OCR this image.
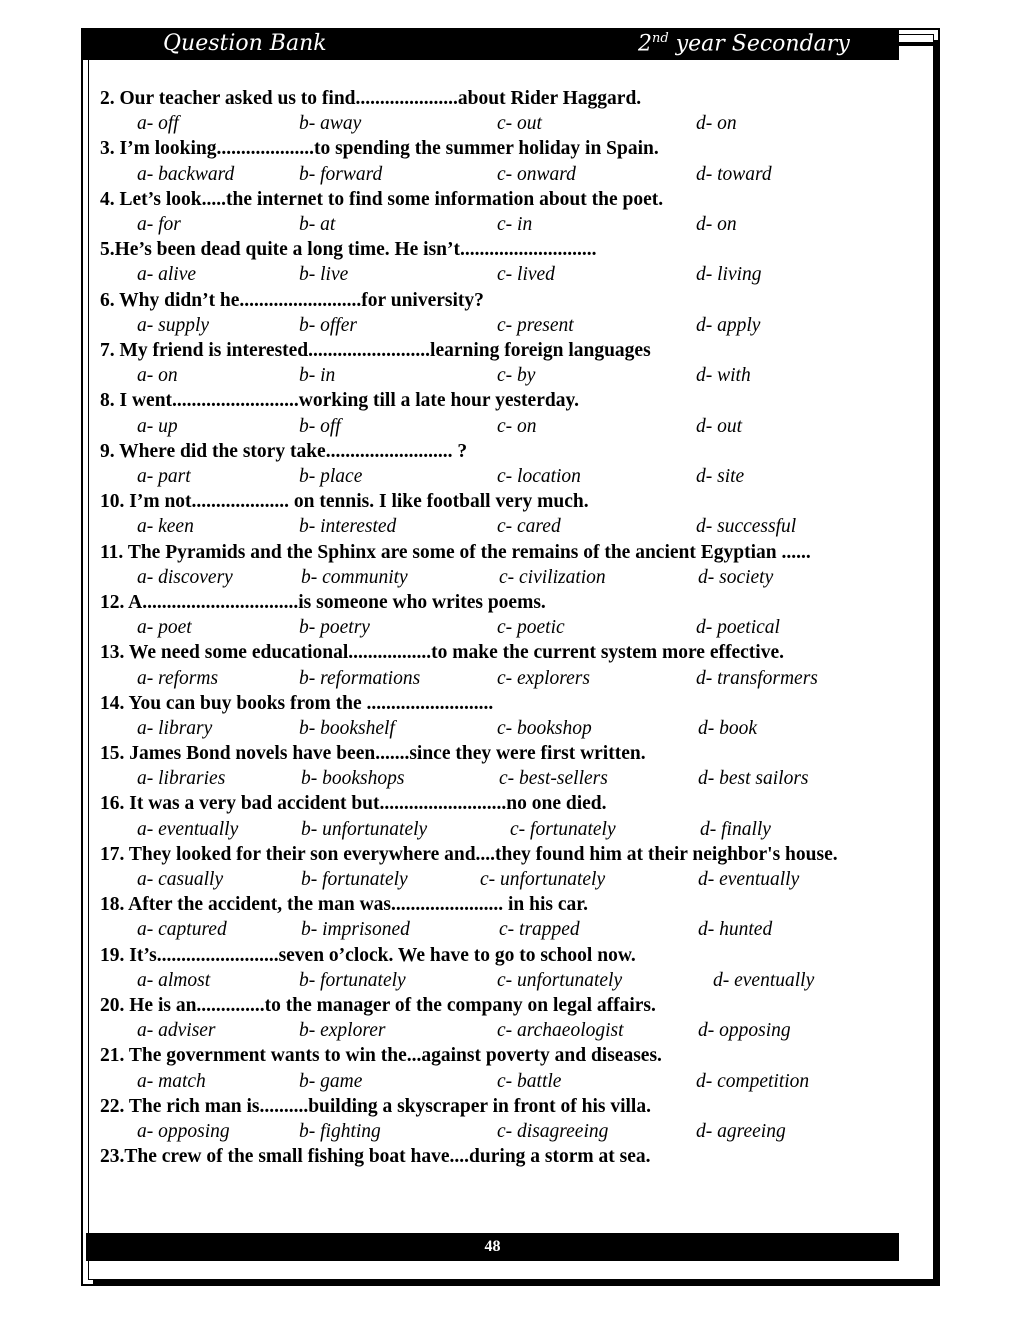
Question Bank	2nd year Secondary
2. Our teacher asked us to find.....................about Rider Haggard.
a- off	b- away	c- out	d- on
3. I’m looking....................to spending the summer holiday in Spain.
a- backward	b- forward	c- onward	d- toward
4. Let’s look.....the internet to find some information about the poet.
a- for	b- at	c- in	d- on
5.He’s been dead quite a long time. He isn’t............................
a- alive	b- live	c- lived	d- living
6. Why didn’t he.........................for university?
a- supply	b- offer	c- present	d- apply
7. My friend is interested.........................learning foreign languages
a- on	b- in	c- by	d- with
8. I went..........................working till a late hour yesterday.
a- up	b- off	c- on	d- out
9. Where did the story take.......................... ?
a- part	b- place	c- location	d- site
10. I’m not.................... on tennis. I like football very much.
a- keen	b- interested	c- cared	d- successful
11. The Pyramids and the Sphinx are some of the remains of the ancient Egyptian ......
a- discovery	b- community	c- civilization	d- society
12. A................................is someone who writes poems.
a- poet	b- poetry	c- poetic	d- poetical
13. We need some educational.................to make the current system more effective.
a- reforms	b- reformations	c- explorers	d- transformers
14. You can buy books from the ..........................
a- library	b- bookshelf	c- bookshop	d- book
15. James Bond novels have been.......since they were first written.
a- libraries	b- bookshops	c- best-sellers	d- best sailors
16. It was a very bad accident but..........................no one died.
a- eventually	b- unfortunately	c- fortunately	d- finally
17. They looked for their son everywhere and....they found him at their neighbor's house.
a- casually	b- fortunately	c- unfortunately	d- eventually
18. After the accident, the man was....................... in his car.
a- captured	b- imprisoned	c- trapped	d- hunted
19. It’s.........................seven o’clock. We have to go to school now.
a- almost	b- fortunately	c- unfortunately	d- eventually
20. He is an..............to the manager of the company on legal affairs.
a- adviser	b- explorer	c- archaeologist	d- opposing
21. The government wants to win the...against poverty and diseases.
a- match	b- game	c- battle	d- competition
22. The rich man is..........building a skyscraper in front of his villa.
a- opposing	b- fighting	c- disagreeing	d- agreeing
23.The crew of the small fishing boat have....during a storm at sea.
48
